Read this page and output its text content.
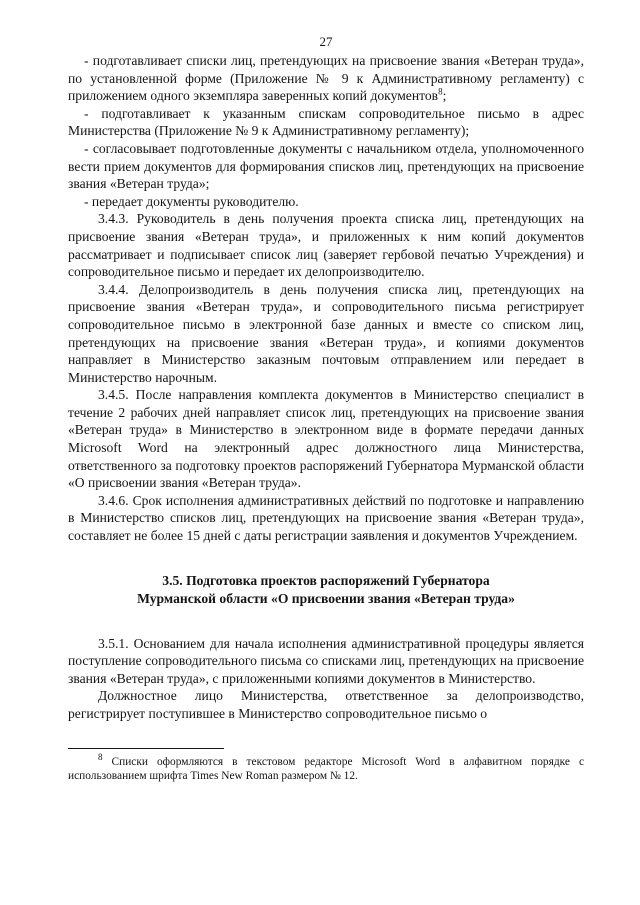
27

- подготавливает списки лиц, претендующих на присвоение звания «Ветеран труда», по установленной форме (Приложение № 9 к Административному регламенту) с приложением одного экземпляра заверенных копий документов$^8$;

- подготавливает к указанным спискам сопроводительное письмо в адрес Министерства (Приложение № 9 к Административному регламенту);

- согласовывает подготовленные документы с начальником отдела, уполномоченного вести прием документов для формирования списков лиц, претендующих на присвоение звания «Ветеран труда»;

- передает документы руководителю.

3.4.3. Руководитель в день получения проекта списка лиц, претендующих на присвоение звания «Ветеран труда», и приложенных к ним копий документов рассматривает и подписывает список лиц (заверяет гербовой печатью Учреждения) и сопроводительное письмо и передает их делопроизводителю.

3.4.4. Делопроизводитель в день получения списка лиц, претендующих на присвоение звания «Ветеран труда», и сопроводительного письма регистрирует сопроводительное письмо в электронной базе данных и вместе со списком лиц, претендующих на присвоение звания «Ветеран труда», и копиями документов направляет в Министерство заказным почтовым отправлением или передает в Министерство нарочным.

3.4.5. После направления комплекта документов в Министерство специалист в течение 2 рабочих дней направляет список лиц, претендующих на присвоение звания «Ветеран труда» в Министерство в электронном виде в формате передачи данных Microsoft Word на электронный адрес должностного лица Министерства, ответственного за подготовку проектов распоряжений Губернатора Мурманской области «О присвоении звания «Ветеран труда».

3.4.6. Срок исполнения административных действий по подготовке и направлению в Министерство списков лиц, претендующих на присвоение звания «Ветеран труда», составляет не более 15 дней с даты регистрации заявления и документов Учреждением.

3.5. Подготовка проектов распоряжений Губернатора
Мурманской области «О присвоении звания «Ветеран труда»

3.5.1. Основанием для начала исполнения административной процедуры является поступление сопроводительного письма со списками лиц, претендующих на присвоение звания «Ветеран труда», с приложенными копиями документов в Министерство.

Должностное лицо Министерства, ответственное за делопроизводство, регистрирует поступившее в Министерство сопроводительное письмо о

$^8$ Списки оформляются в текстовом редакторе Microsoft Word в алфавитном порядке с использованием шрифта Times New Roman размером № 12.
